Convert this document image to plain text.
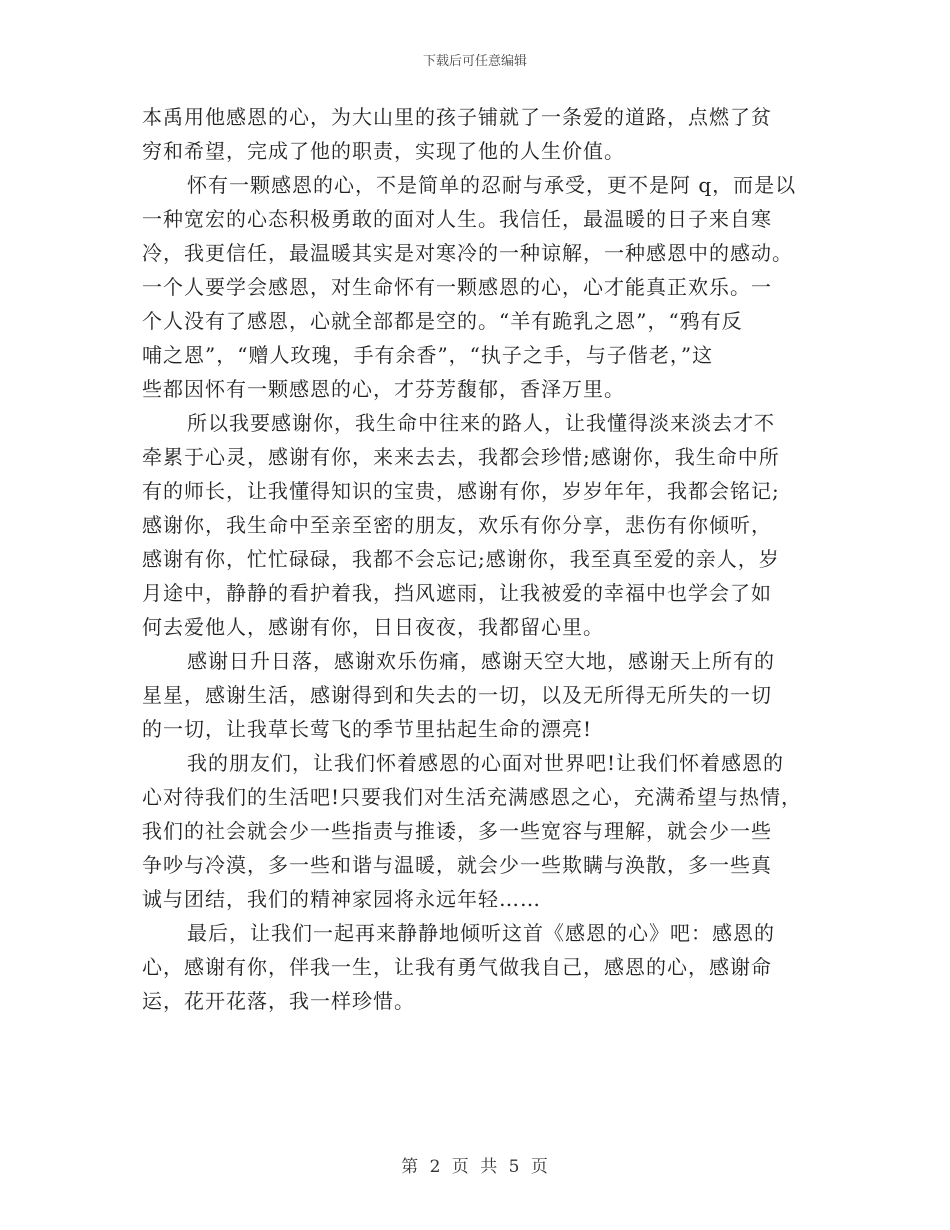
下载后可任意编辑
本禹用他感恩的心，为大山里的孩子铺就了一条爱的道路，点燃了贫
穷和希望，完成了他的职责，实现了他的人生价值。
怀有一颗感恩的心，不是简单的忍耐与承受，更不是阿 q，而是以
一种宽宏的心态积极勇敢的面对人生。我信任，最温暖的日子来自寒
冷，我更信任，最温暖其实是对寒冷的一种谅解，一种感恩中的感动。
一个人要学会感恩，对生命怀有一颗感恩的心，心才能真正欢乐。一
个人没有了感恩，心就全部都是空的。“羊有跪乳之恩”，“鸦有反
哺之恩”，“赠人玫瑰，手有余香”，“执子之手，与子偕老，”这
些都因怀有一颗感恩的心，才芬芳馥郁，香泽万里。
所以我要感谢你，我生命中往来的路人，让我懂得淡来淡去才不
牵累于心灵，感谢有你，来来去去，我都会珍惜;感谢你，我生命中所
有的师长，让我懂得知识的宝贵，感谢有你，岁岁年年，我都会铭记;
感谢你，我生命中至亲至密的朋友，欢乐有你分享，悲伤有你倾听，
感谢有你，忙忙碌碌，我都不会忘记;感谢你，我至真至爱的亲人，岁
月途中，静静的看护着我，挡风遮雨，让我被爱的幸福中也学会了如
何去爱他人，感谢有你，日日夜夜，我都留心里。
感谢日升日落，感谢欢乐伤痛，感谢天空大地，感谢天上所有的
星星，感谢生活，感谢得到和失去的一切，以及无所得无所失的一切
的一切，让我草长莺飞的季节里拈起生命的漂亮!
我的朋友们，让我们怀着感恩的心面对世界吧!让我们怀着感恩的
心对待我们的生活吧!只要我们对生活充满感恩之心，充满希望与热情，
我们的社会就会少一些指责与推诿，多一些宽容与理解，就会少一些
争吵与冷漠，多一些和谐与温暖，就会少一些欺瞒与涣散，多一些真
诚与团结，我们的精神家园将永远年轻……
最后，让我们一起再来静静地倾听这首《感恩的心》吧：感恩的
心，感谢有你，伴我一生，让我有勇气做我自己，感恩的心，感谢命
运，花开花落，我一样珍惜。
第 2 页 共 5 页
